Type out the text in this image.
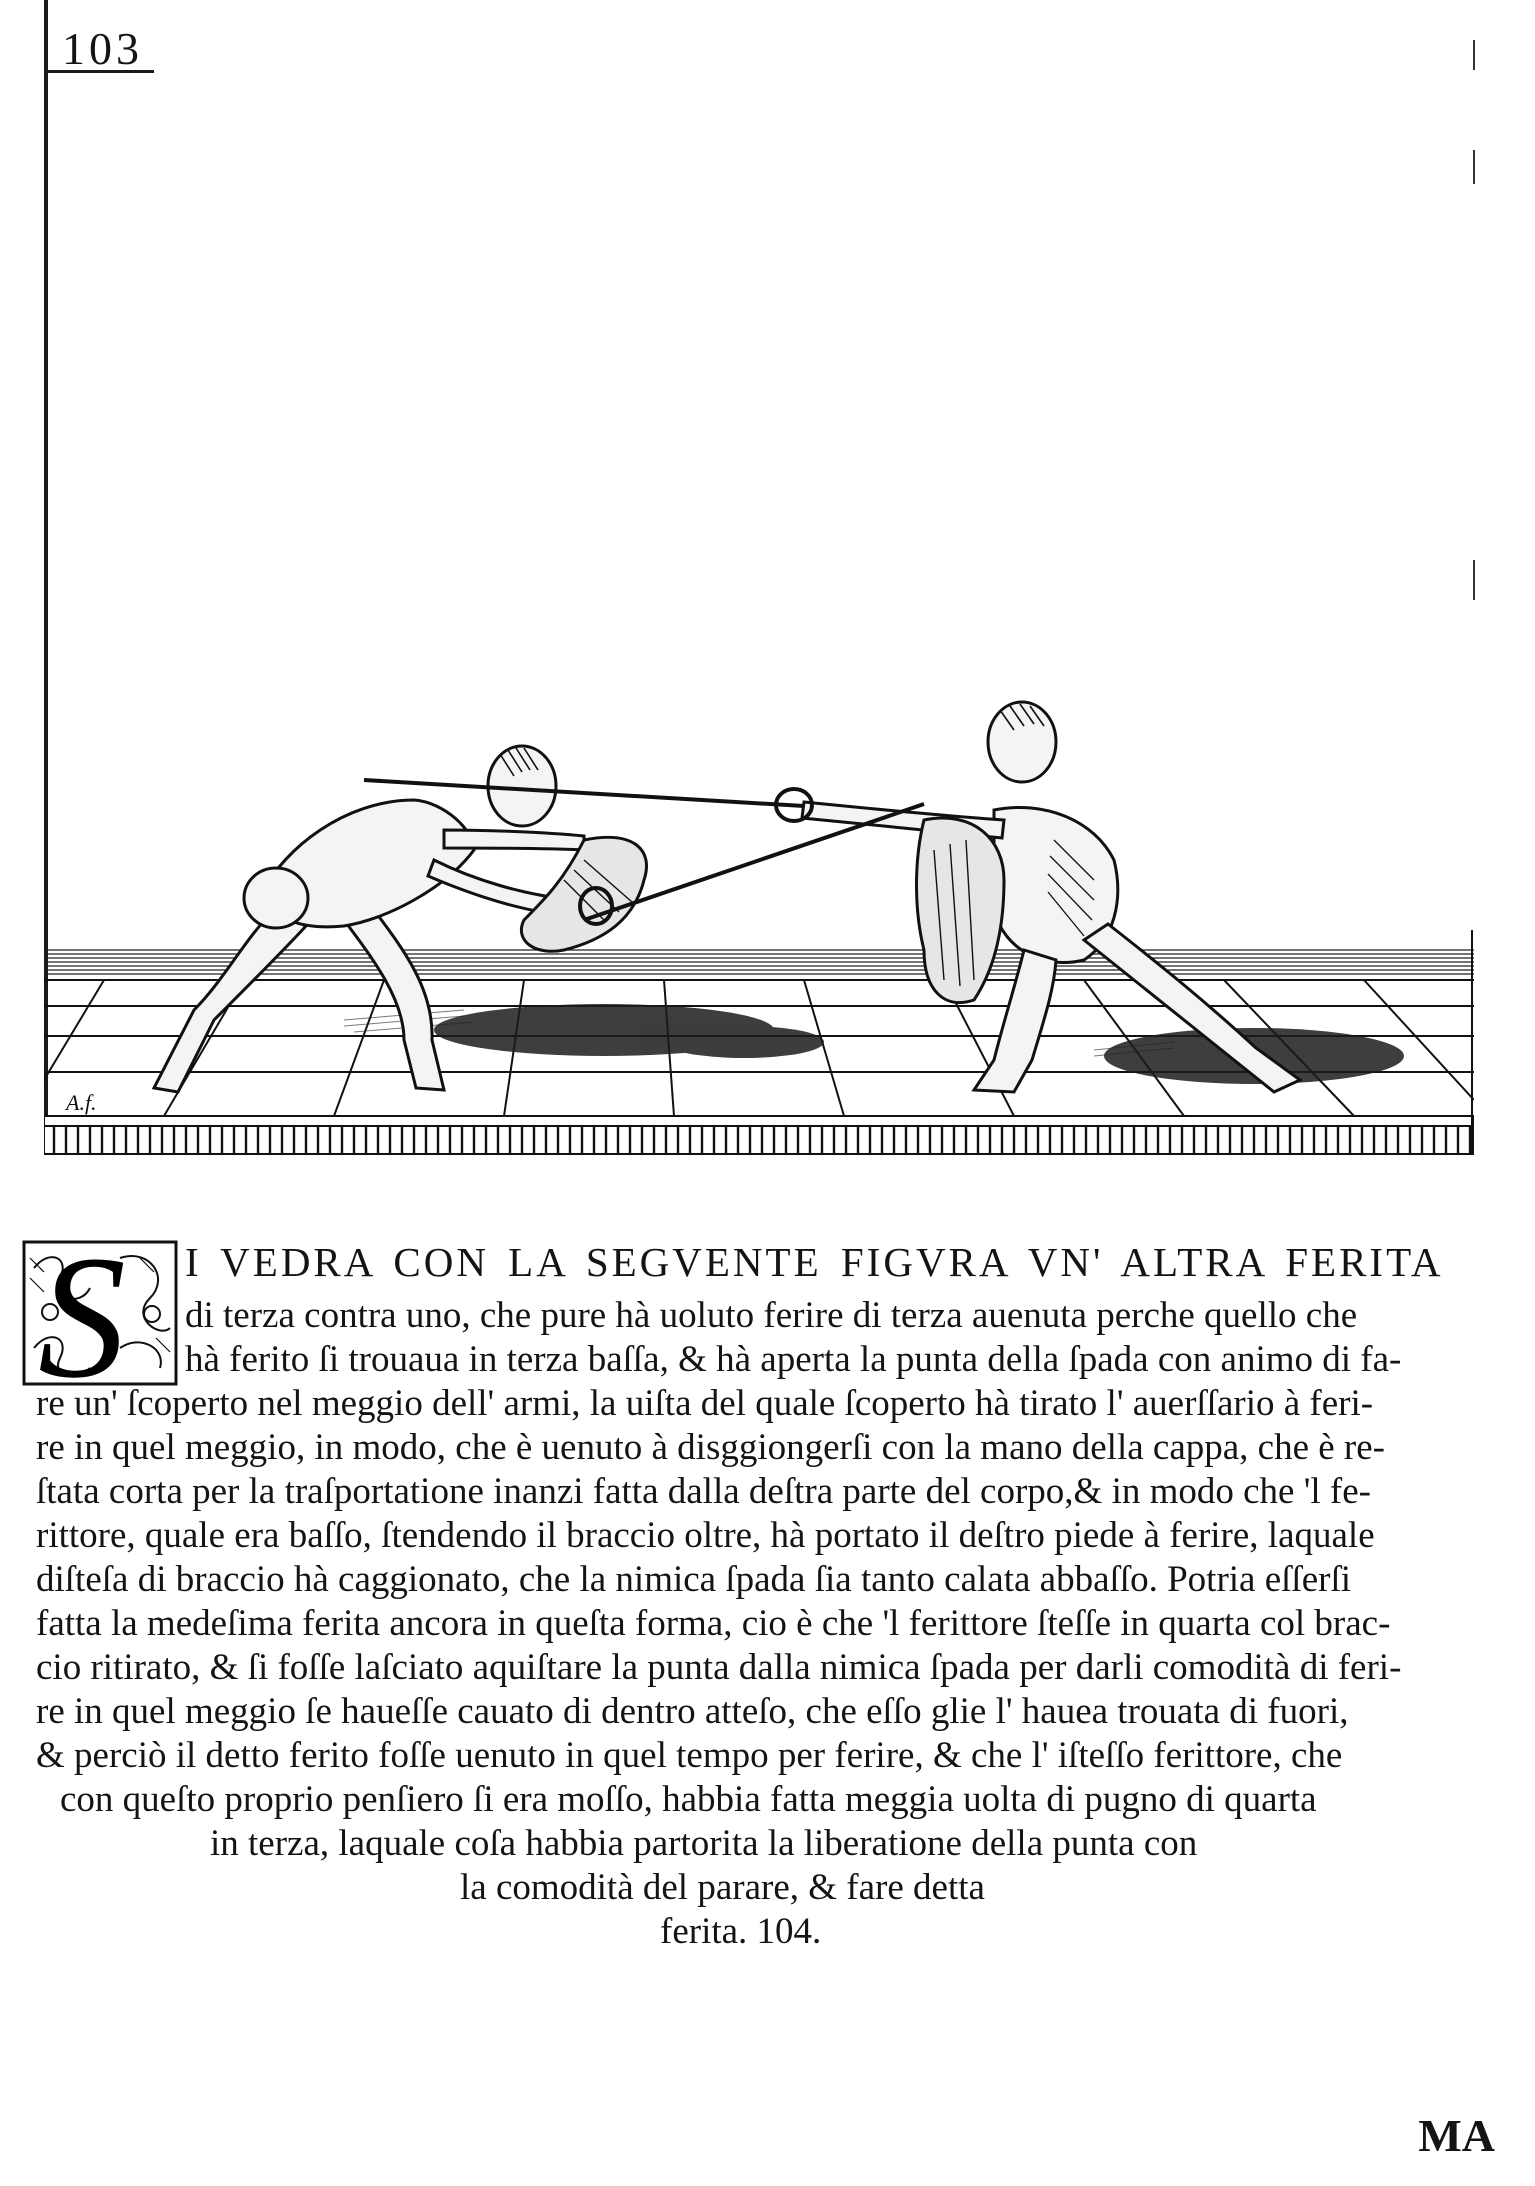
103
A.f.
S I VEDRA CON LA SEGVENTE FIGVRA VN' ALTRA FERITA
di terza contra uno, che pure hà uoluto ferire di terza auenuta perche quello che
hà ferito ſi trouaua in terza baſſa, & hà aperta la punta della ſpada con animo di fa-
re un' ſcoperto nel meggio dell' armi, la uiſta del quale ſcoperto hà tirato l' auerſſario à feri-
re in quel meggio, in modo, che è uenuto à disggiongerſi con la mano della cappa, che è re-
ſtata corta per la traſportatione inanzi fatta dalla deſtra parte del corpo,& in modo che 'l fe-
rittore, quale era baſſo, ſtendendo il braccio oltre, hà portato il deſtro piede à ferire, laquale
diſteſa di braccio hà caggionato, che la nimica ſpada ſia tanto calata abbaſſo. Potria eſſerſi
fatta la medeſima ferita ancora in queſta forma, cio è che 'l ferittore ſteſſe in quarta col brac-
cio ritirato, & ſi foſſe laſciato aquiſtare la punta dalla nimica ſpada per darli comodità di feri-
re in quel meggio ſe haueſſe cauato di dentro atteſo, che eſſo glie l' hauea trouata di fuori,
& perciò il detto ferito foſſe uenuto in quel tempo per ferire, & che l' iſteſſo ferittore, che
con queſto proprio penſiero ſi era moſſo, habbia fatta meggia uolta di pugno di quarta
in terza, laquale coſa habbia partorita la liberatione della punta con
la comodità del parare, & fare detta
ferita. 104.
MA
